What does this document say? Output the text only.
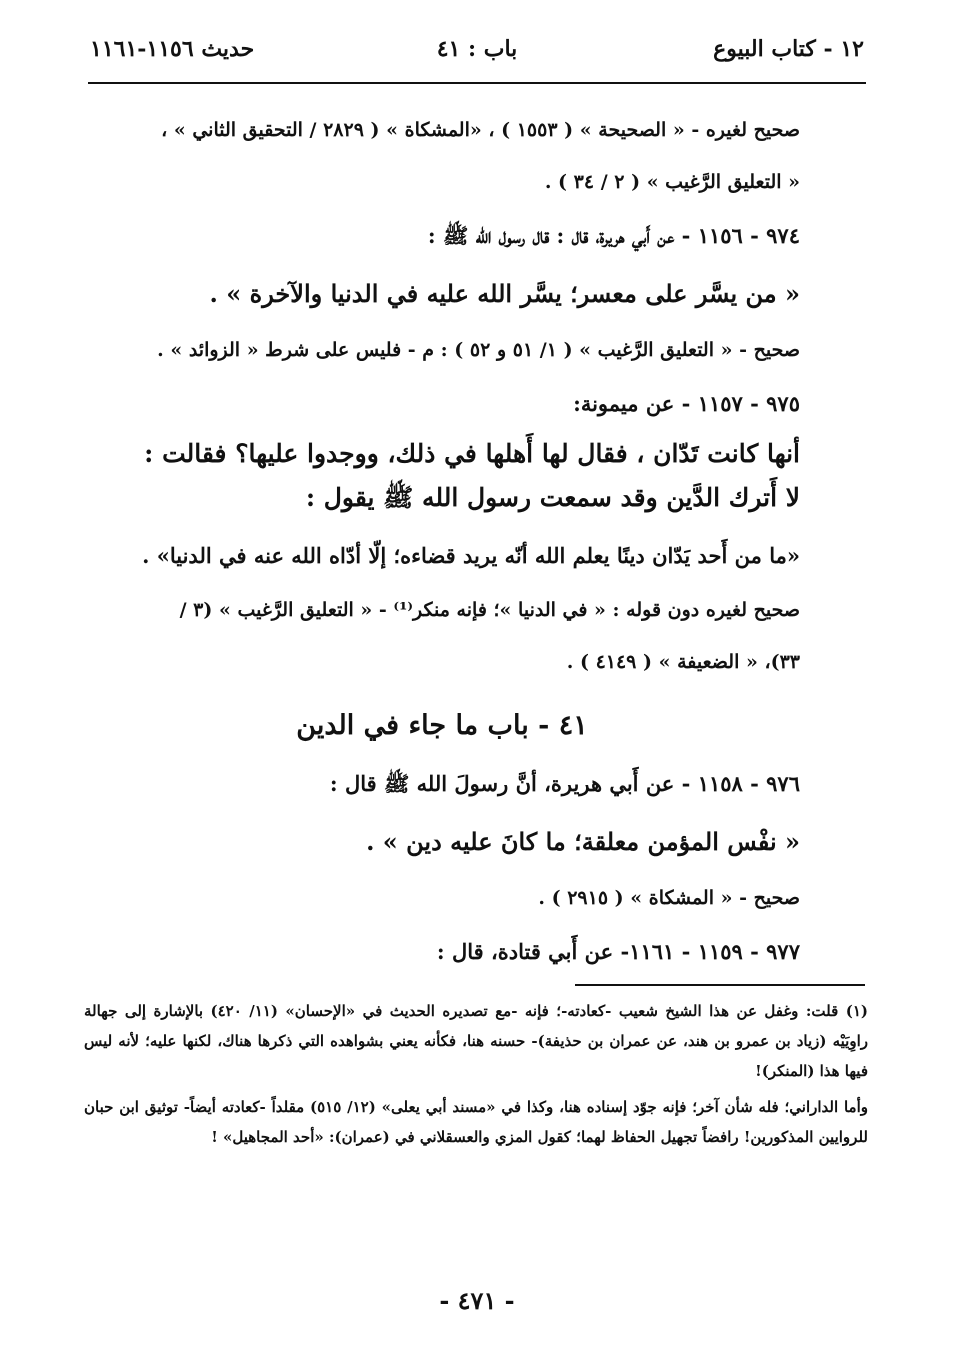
١٢ - كتاب البيوع
باب : ٤١
حديث ١١٥٦-١١٦١
صحيح لغيره - « الصحيحة » ( ١٥٥٣ ) ، «المشكاة » ( ٢٨٢٩ / التحقيق الثاني » ،
« التعليق الرَّغيب » ( ٢ / ٣٤ ) .
٩٧٤ - ١١٥٦ - عن أَبي هريرة، قال : قال رسول الله ﷺ :
« من يسَّر على معسر؛ يسَّر الله عليه في الدنيا والآخرة » .
صحيح - « التعليق الرَّغيب » ( ١/ ٥١ و ٥٢ ) : م - فليس على شرط « الزوائد » .
٩٧٥ - ١١٥٧ - عن ميمونة:
أنها كانت تَدّان ، فقال لها أَهلها في ذلك، ووجدوا عليها؟ فقالت :
لا أَترك الدَّين وقد سمعت رسول الله ﷺ يقول :
«ما من أَحد يَدّان دينًا يعلم الله أنّه يريد قضاءه؛ إلّا أدّاه الله عنه في الدنيا» .
صحيح لغيره دون قوله : « في الدنيا »؛ فإنه منكر⁽¹⁾ - « التعليق الرَّغيب » (٣ /
٣٣)، « الضعيفة » ( ٤١٤٩ ) .
٤١ - باب ما جاء في الدين
٩٧٦ - ١١٥٨ - عن أَبي هريرة، أنَّ رسولَ الله ﷺ قال :
« نفْس المؤمن معلقة؛ ما كانَ عليه دين » .
صحيح - « المشكاة » ( ٢٩١٥ ) .
٩٧٧ - ١١٥٩ - ١١٦١- عن أَبي قتادة، قال :
(١) قلت: وغفل عن هذا الشيخ شعيب -كعادته-؛ فإنه -مع تصديره الحديث في «الإحسان» (١١/ ٤٢٠) بالإشارة إلى جهالة راوِيَيْه (زياد بن عمرو بن هند، عن عمران بن حذيفة)- حسنه هنا، فكأنه يعني بشواهده التي ذكرها هناك، لكنها عليه؛ لأنه ليس فيها هذا (المنكر)!
وأما الداراني؛ فله شأن آخر؛ فإنه جوّد إسناده هنا، وكذا في «مسند أبي يعلى» (١٢/ ٥١٥) مقلداً -كعادته أيضاً- توثيق ابن حبان للروايين المذكورين! رافضاً تجهيل الحفاظ لهما؛ كقول المزي والعسقلاني في (عمران): «أحد المجاهيل» !
- ٤٧١ -
